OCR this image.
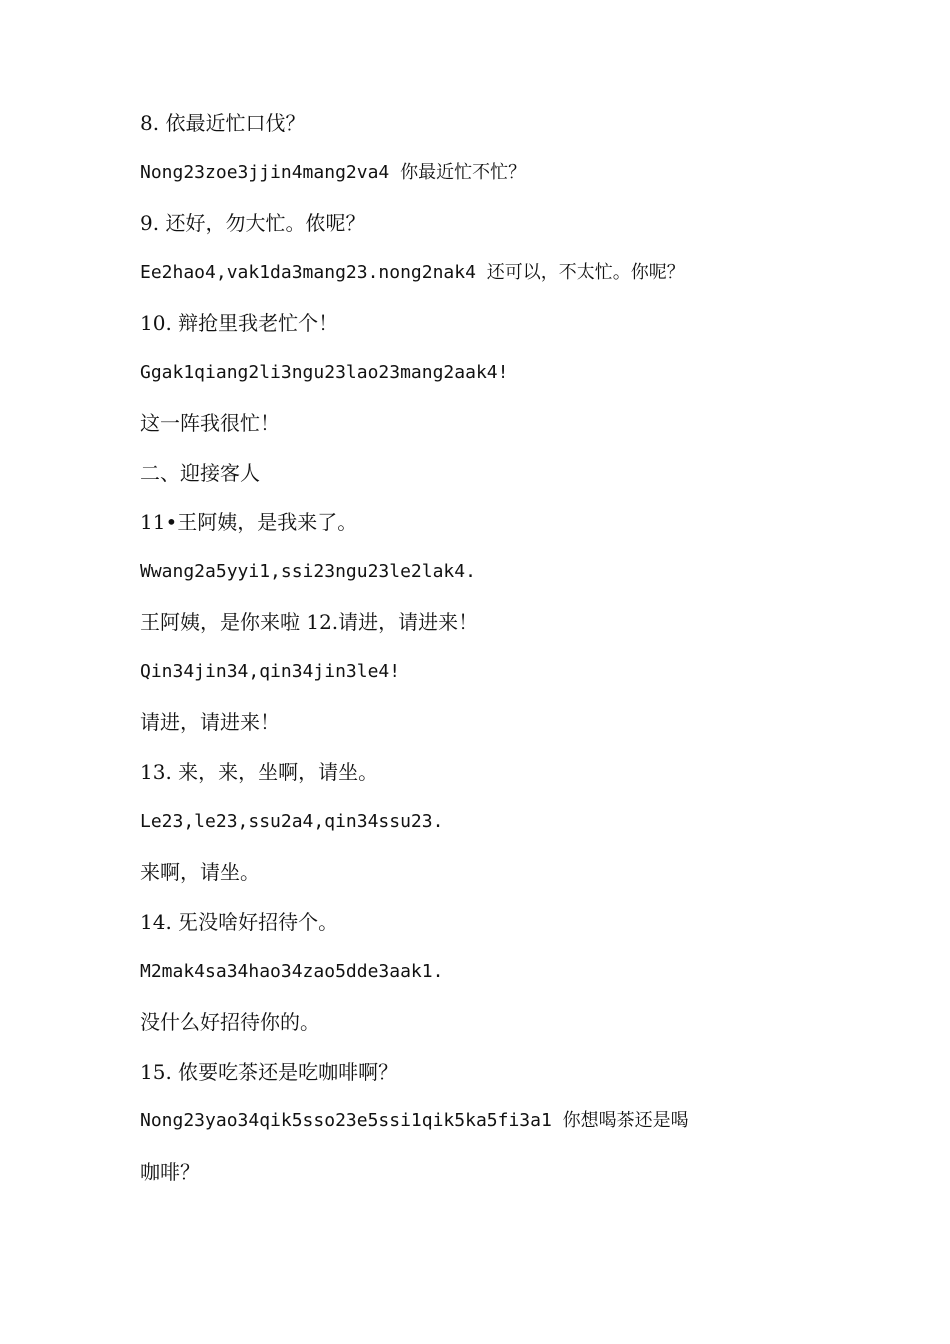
8. 依最近忙口伐？
Nong23zoe3jjin4mang2va4 你最近忙不忙？
9. 还好，勿大忙。侬呢？
Ee2hao4,vak1da3mang23.nong2nak4 还可以，不太忙。你呢？
10. 辩抢里我老忙个！
Ggak1qiang2li3ngu23lao23mang2aak4!
这一阵我很忙！
二、迎接客人
11•王阿姨，是我来了。
Wwang2a5yyi1,ssi23ngu23le2lak4.
王阿姨，是你来啦 12.请进，请进来！
Qin34jin34,qin34jin3le4!
请进，请进来！
13. 来，来，坐啊，请坐。
Le23,le23,ssu2a4,qin34ssu23.
来啊，请坐。
14. 旡没啥好招待个。
M2mak4sa34hao34zao5dde3aak1.
没什么好招待你的。
15. 侬要吃茶还是吃咖啡啊？
Nong23yao34qik5sso23e5ssi1qik5ka5fi3a1 你想喝茶还是喝
咖啡？
